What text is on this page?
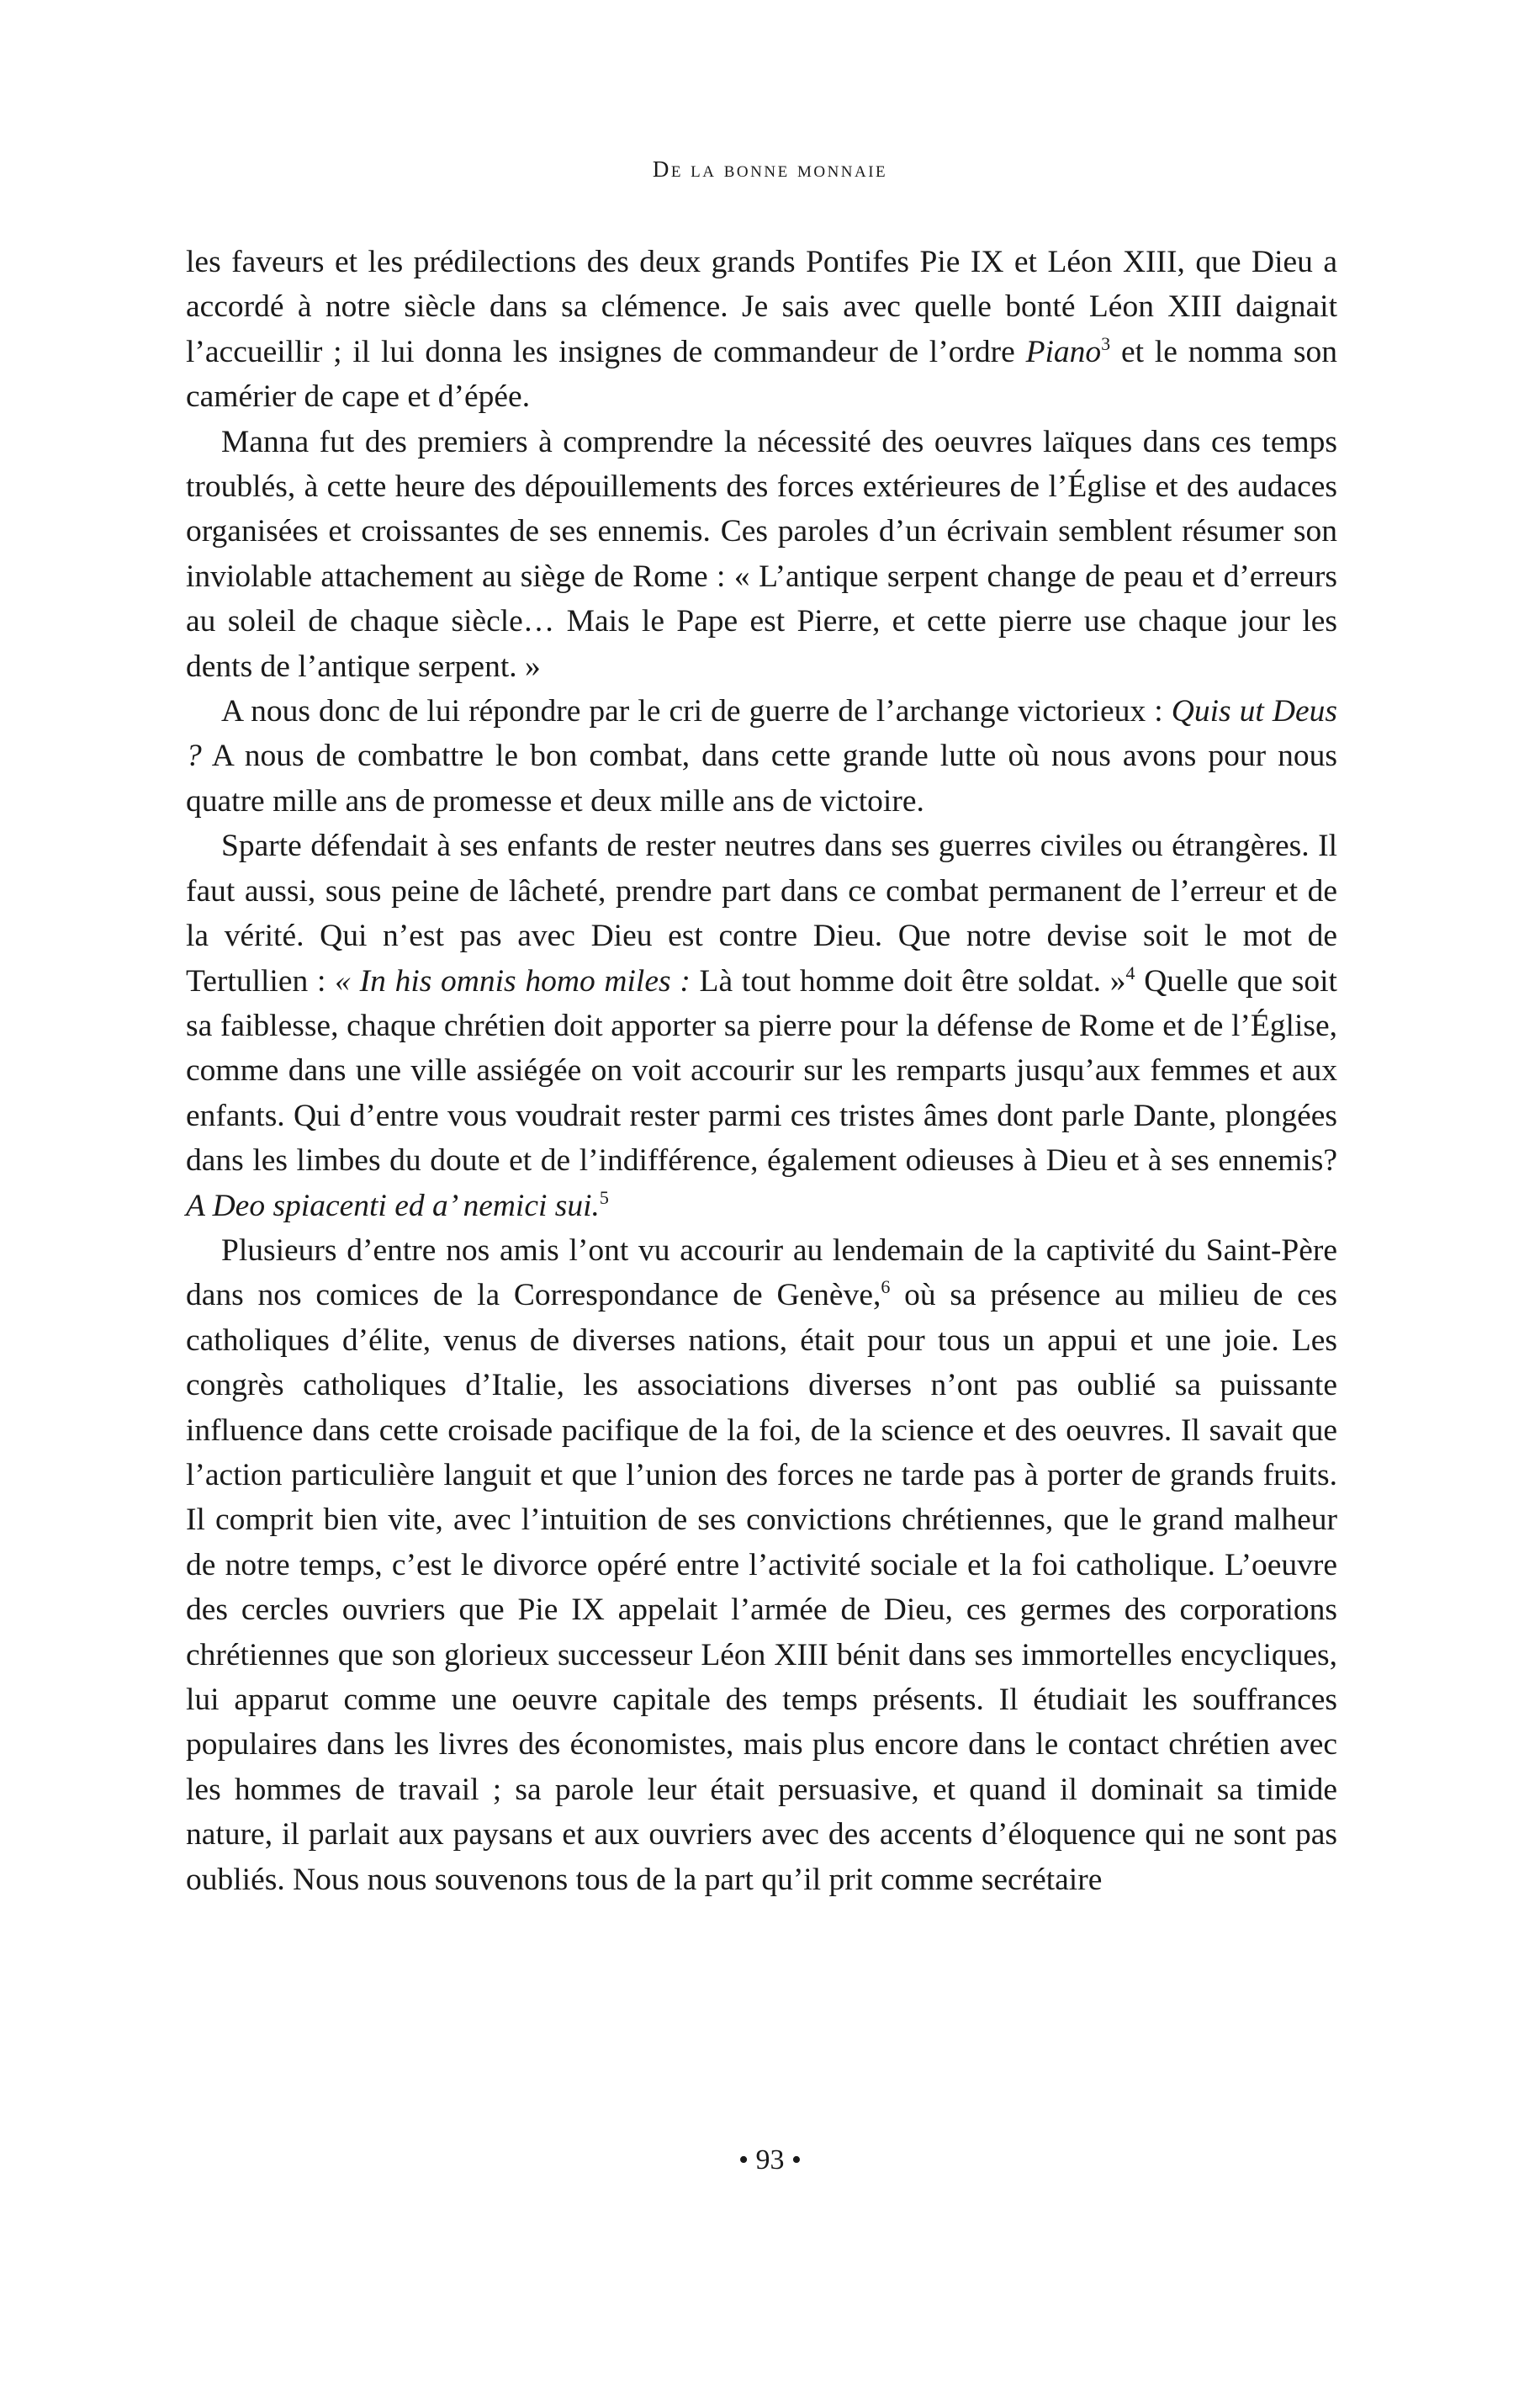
De la bonne monnaie

les faveurs et les prédilections des deux grands Pontifes Pie IX et Léon XIII, que Dieu a accordé à notre siècle dans sa clémence. Je sais avec quelle bonté Léon XIII daignait l’accueillir ; il lui donna les insignes de commandeur de l’ordre Piano$^3$ et le nomma son camérier de cape et d’épée.

Manna fut des premiers à comprendre la nécessité des oeuvres laïques dans ces temps troublés, à cette heure des dépouillements des forces extérieures de l’Église et des audaces organisées et croissantes de ses ennemis. Ces paroles d’un écrivain semblent résumer son inviolable attachement au siège de Rome : « L’antique serpent change de peau et d’erreurs au soleil de chaque siècle… Mais le Pape est Pierre, et cette pierre use chaque jour les dents de l’antique serpent. »

A nous donc de lui répondre par le cri de guerre de l’archange victorieux : Quis ut Deus ? A nous de combattre le bon combat, dans cette grande lutte où nous avons pour nous quatre mille ans de promesse et deux mille ans de victoire.

Sparte défendait à ses enfants de rester neutres dans ses guerres civiles ou étrangères. Il faut aussi, sous peine de lâcheté, prendre part dans ce combat permanent de l’erreur et de la vérité. Qui n’est pas avec Dieu est contre Dieu. Que notre devise soit le mot de Tertullien : « In his omnis homo miles : Là tout homme doit être soldat. »$^4$ Quelle que soit sa faiblesse, chaque chrétien doit apporter sa pierre pour la défense de Rome et de l’Église, comme dans une ville assiégée on voit accourir sur les remparts jusqu’aux femmes et aux enfants. Qui d’entre vous voudrait rester parmi ces tristes âmes dont parle Dante, plongées dans les limbes du doute et de l’indifférence, également odieuses à Dieu et à ses ennemis? A Deo spiacenti ed a’ nemici sui.$^5$

Plusieurs d’entre nos amis l’ont vu accourir au lendemain de la captivité du Saint-Père dans nos comices de la Correspondance de Genève,$^6$ où sa présence au milieu de ces catholiques d’élite, venus de diverses nations, était pour tous un appui et une joie. Les congrès catholiques d’Italie, les associations diverses n’ont pas oublié sa puissante influence dans cette croisade pacifique de la foi, de la science et des oeuvres. Il savait que l’action particulière languit et que l’union des forces ne tarde pas à porter de grands fruits. Il comprit bien vite, avec l’intuition de ses convictions chrétiennes, que le grand malheur de notre temps, c’est le divorce opéré entre l’activité sociale et la foi catholique. L’oeuvre des cercles ouvriers que Pie IX appelait l’armée de Dieu, ces germes des corporations chrétiennes que son glorieux successeur Léon XIII bénit dans ses immortelles encycliques, lui apparut comme une oeuvre capitale des temps présents. Il étudiait les souffrances populaires dans les livres des économistes, mais plus encore dans le contact chrétien avec les hommes de travail ; sa parole leur était persuasive, et quand il dominait sa timide nature, il parlait aux paysans et aux ouvriers avec des accents d’éloquence qui ne sont pas oubliés. Nous nous souvenons tous de la part qu’il prit comme secrétaire

• 93 •
